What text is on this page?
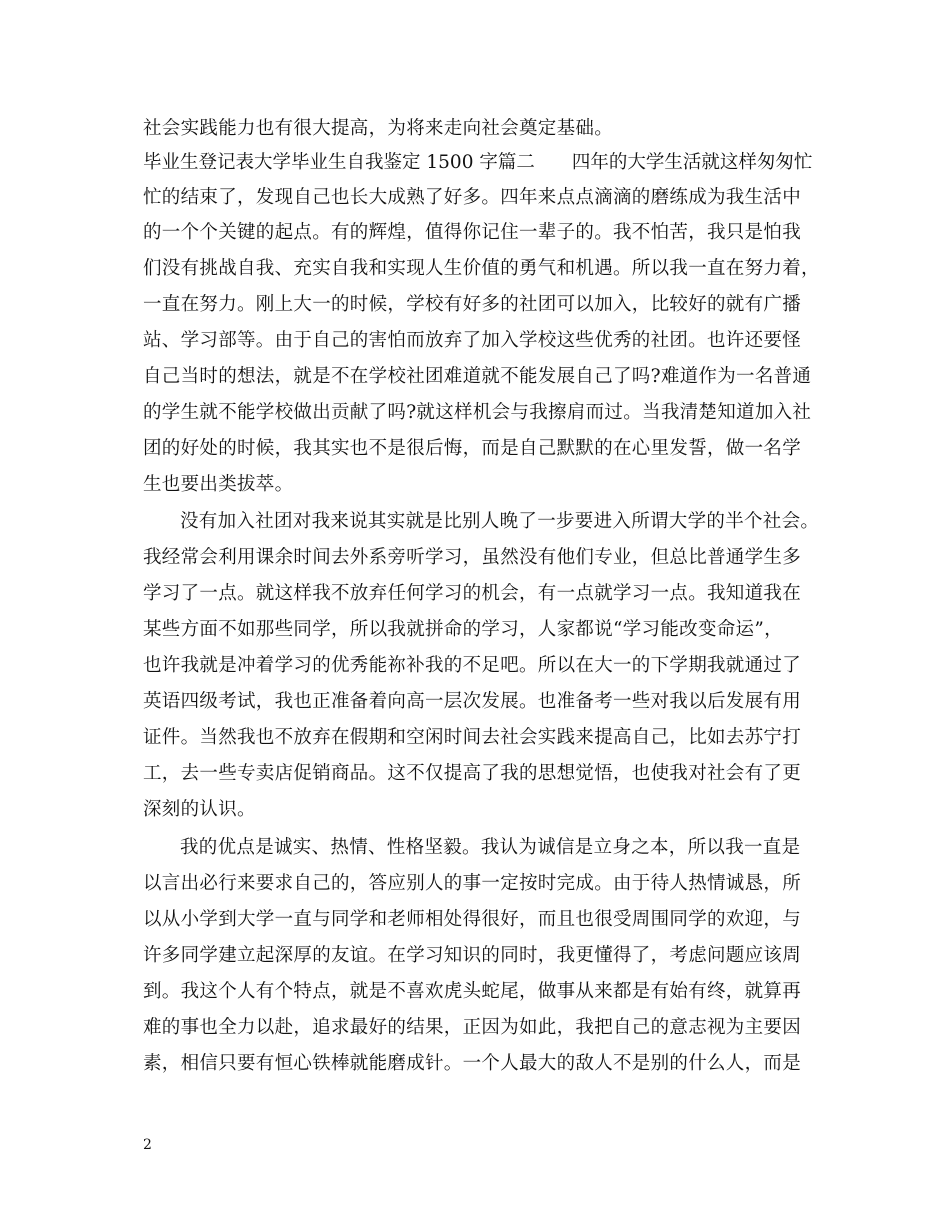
社会实践能力也有很大提高，为将来走向社会奠定基础。
毕业生登记表大学毕业生自我鉴定 1500 字篇二　　四年的大学生活就这样匆匆忙
忙的结束了，发现自己也长大成熟了好多。四年来点点滴滴的磨练成为我生活中
的一个个关键的起点。有的辉煌，值得你记住一辈子的。我不怕苦，我只是怕我
们没有挑战自我、充实自我和实现人生价值的勇气和机遇。所以我一直在努力着，
一直在努力。刚上大一的时候，学校有好多的社团可以加入，比较好的就有广播
站、学习部等。由于自己的害怕而放弃了加入学校这些优秀的社团。也许还要怪
自己当时的想法，就是不在学校社团难道就不能发展自己了吗?难道作为一名普通
的学生就不能学校做出贡献了吗?就这样机会与我擦肩而过。当我清楚知道加入社
团的好处的时候，我其实也不是很后悔，而是自己默默的在心里发誓，做一名学
生也要出类拔萃。
没有加入社团对我来说其实就是比别人晚了一步要进入所谓大学的半个社会。
我经常会利用课余时间去外系旁听学习，虽然没有他们专业，但总比普通学生多
学习了一点。就这样我不放弃任何学习的机会，有一点就学习一点。我知道我在
某些方面不如那些同学，所以我就拼命的学习，人家都说“学习能改变命运”，
也许我就是冲着学习的优秀能祢补我的不足吧。所以在大一的下学期我就通过了
英语四级考试，我也正准备着向高一层次发展。也准备考一些对我以后发展有用
证件。当然我也不放弃在假期和空闲时间去社会实践来提高自己，比如去苏宁打
工，去一些专卖店促销商品。这不仅提高了我的思想觉悟，也使我对社会有了更
深刻的认识。
我的优点是诚实、热情、性格坚毅。我认为诚信是立身之本，所以我一直是
以言出必行来要求自己的，答应别人的事一定按时完成。由于待人热情诚恳，所
以从小学到大学一直与同学和老师相处得很好，而且也很受周围同学的欢迎，与
许多同学建立起深厚的友谊。在学习知识的同时，我更懂得了，考虑问题应该周
到。我这个人有个特点，就是不喜欢虎头蛇尾，做事从来都是有始有终，就算再
难的事也全力以赴，追求最好的结果，正因为如此，我把自己的意志视为主要因
素，相信只要有恒心铁棒就能磨成针。一个人最大的敌人不是别的什么人，而是
2
